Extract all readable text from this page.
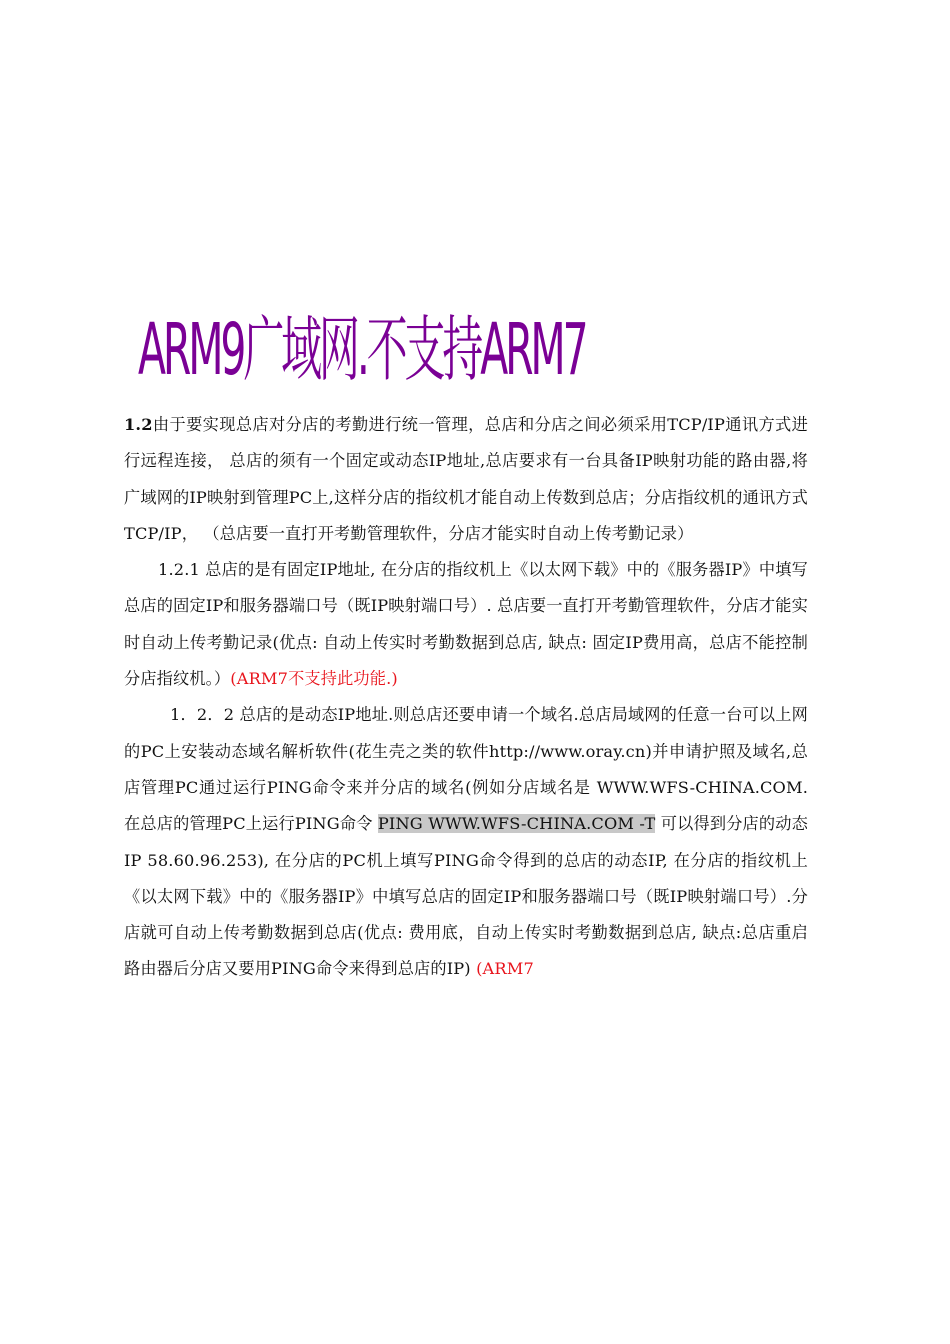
ARM9广域网.不支持ARM7

1.2由于要实现总店对分店的考勤进行统一管理，总店和分店之间必须采用TCP/IP通讯方式进行远程连接， 总店的须有一个固定或动态IP地址,总店要求有一台具备IP映射功能的路由器,将广域网的IP映射到管理PC上,这样分店的指纹机才能自动上传数到总店；分店指纹机的通讯方式TCP/IP， （总店要一直打开考勤管理软件，分店才能实时自动上传考勤记录）

1.2.1 总店的是有固定IP地址, 在分店的指纹机上《以太网下载》中的《服务器IP》中填写总店的固定IP和服务器端口号（既IP映射端口号）. 总店要一直打开考勤管理软件，分店才能实时自动上传考勤记录(优点: 自动上传实时考勤数据到总店, 缺点: 固定IP费用高，总店不能控制分店指纹机。）(ARM7不支持此功能.)

1．2．2 总店的是动态IP地址.则总店还要申请一个域名.总店局域网的任意一台可以上网的PC上安装动态域名解析软件(花生壳之类的软件http://www.oray.cn)并申请护照及域名,总店管理PC通过运行PING命令来并分店的域名(例如分店域名是 WWW.WFS-CHINA.COM. 在总店的管理PC上运行PING命令 PING WWW.WFS-CHINA.COM -T 可以得到分店的动态IP 58.60.96.253), 在分店的PC机上填写PING命令得到的总店的动态IP, 在分店的指纹机上《以太网下载》中的《服务器IP》中填写总店的固定IP和服务器端口号（既IP映射端口号）.分店就可自动上传考勤数据到总店(优点: 费用底，自动上传实时考勤数据到总店, 缺点:总店重启路由器后分店又要用PING命令来得到总店的IP) (ARM7
